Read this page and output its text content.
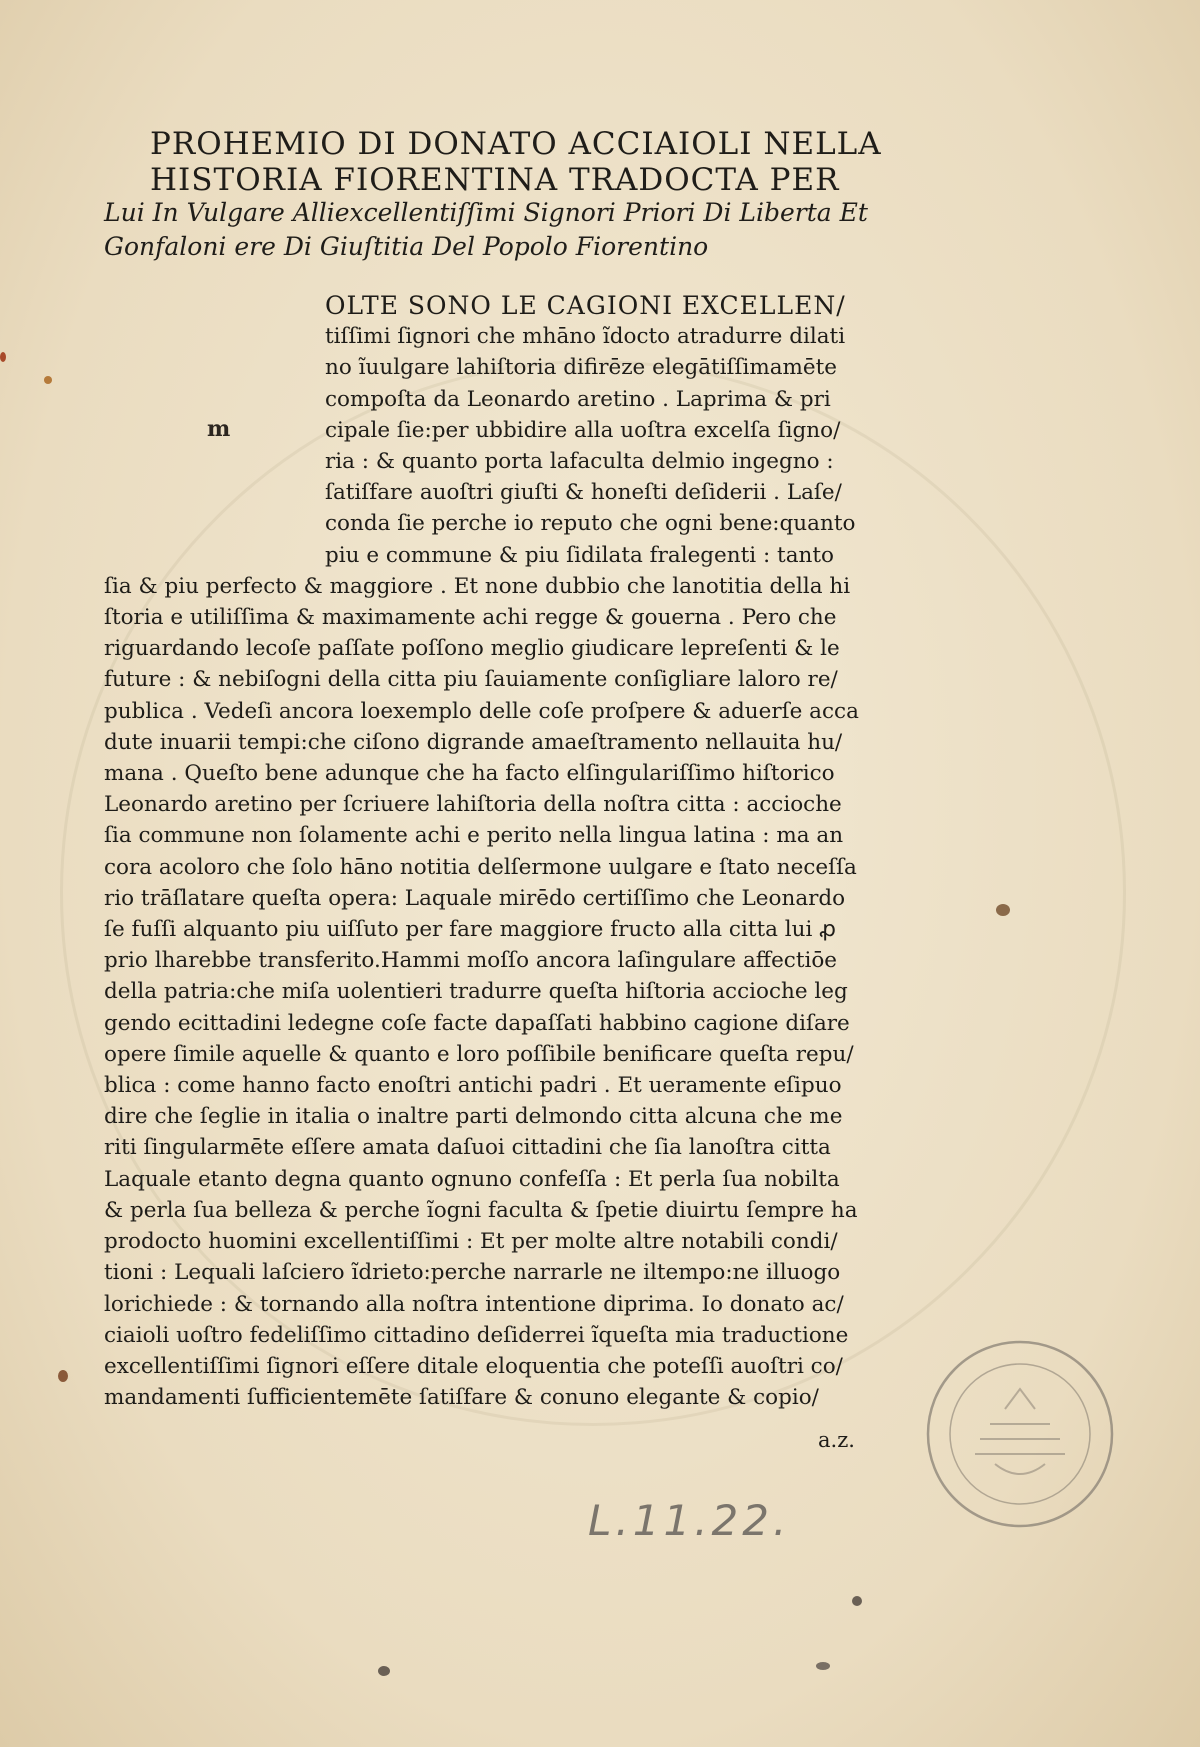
PROHEMIO DI DONATO ACCIAIOLI NELLA
HISTORIA FIORENTINA TRADOCTA PER
Lui In Vulgare Alliexcellentiſſimi Signori Priori Di Liberta Et
Gonfaloni ere Di Giuſtitia Del Popolo Fiorentino
m
OLTE SONO LE CAGIONI EXCELLEN/
tiſſimi ſignori che mhāno ĩdocto atradurre dilati
no ĩuulgare lahiſtoria difirēze elegātiſſimamēte
compoſta da Leonardo aretino . Laprima & pri
cipale ſie:per ubbidire alla uoſtra excelſa ſigno/
ria : & quanto porta lafaculta delmio ingegno :
ſatiſfare auoſtri giuſti & honeſti deſiderii . Laſe/
conda ſie perche io reputo che ogni bene:quanto
piu e commune & piu ſidilata fralegenti : tanto
ſia & piu perfecto & maggiore . Et none dubbio che lanotitia della hi
ſtoria e utiliſſima & maximamente achi regge & gouerna . Pero che
riguardando lecoſe paſſate poſſono meglio giudicare lepreſenti & le
future : & nebiſogni della citta piu ſauiamente conſigliare laloro re/
publica . Vedeſi ancora loexemplo delle coſe proſpere & aduerſe acca
dute inuarii tempi:che ciſono digrande amaeſtramento nellauita hu/
mana . Queſto bene adunque che ha facto elſingulariſſimo hiſtorico
Leonardo aretino per ſcriuere lahiſtoria della noſtra citta : accioche
ſia commune non ſolamente achi e perito nella lingua latina : ma an
cora acoloro che ſolo hāno notitia delſermone uulgare e ſtato neceſſa
rio trāſlatare queſta opera: Laquale mirēdo certiſſimo che Leonardo
ſe fuſſi alquanto piu uiſſuto per fare maggiore fructo alla citta lui ꝓ
prio lharebbe transferito.Hammi moſſo ancora laſingulare affectiōe
della patria:che miſa uolentieri tradurre queſta hiſtoria accioche leg
gendo ecittadini ledegne coſe facte dapaſſati habbino cagione diſare
opere ſimile aquelle & quanto e loro poſſibile benificare queſta repu/
blica : come hanno facto enoſtri antichi padri . Et ueramente eſipuo
dire che ſeglie in italia o inaltre parti delmondo citta alcuna che me
riti ſingularmēte eſſere amata daſuoi cittadini che ſia lanoſtra citta
Laquale etanto degna quanto ognuno confeſſa : Et perla ſua nobilta
& perla ſua belleza & perche ĩogni faculta & ſpetie diuirtu ſempre ha
prodocto huomini excellentiſſimi : Et per molte altre notabili condi/
tioni : Lequali laſciero ĩdrieto:perche narrarle ne iltempo:ne illuogo
lorichiede : & tornando alla noſtra intentione diprima. Io donato ac/
ciaioli uoſtro fedeliſſimo cittadino deſiderrei ĩqueſta mia traductione
excellentiſſimi ſignori eſſere ditale eloquentia che poteſſi auoſtri co/
mandamenti ſufficientemēte ſatiſfare & conuno elegante & copio/
a.z.
L.11.22.
